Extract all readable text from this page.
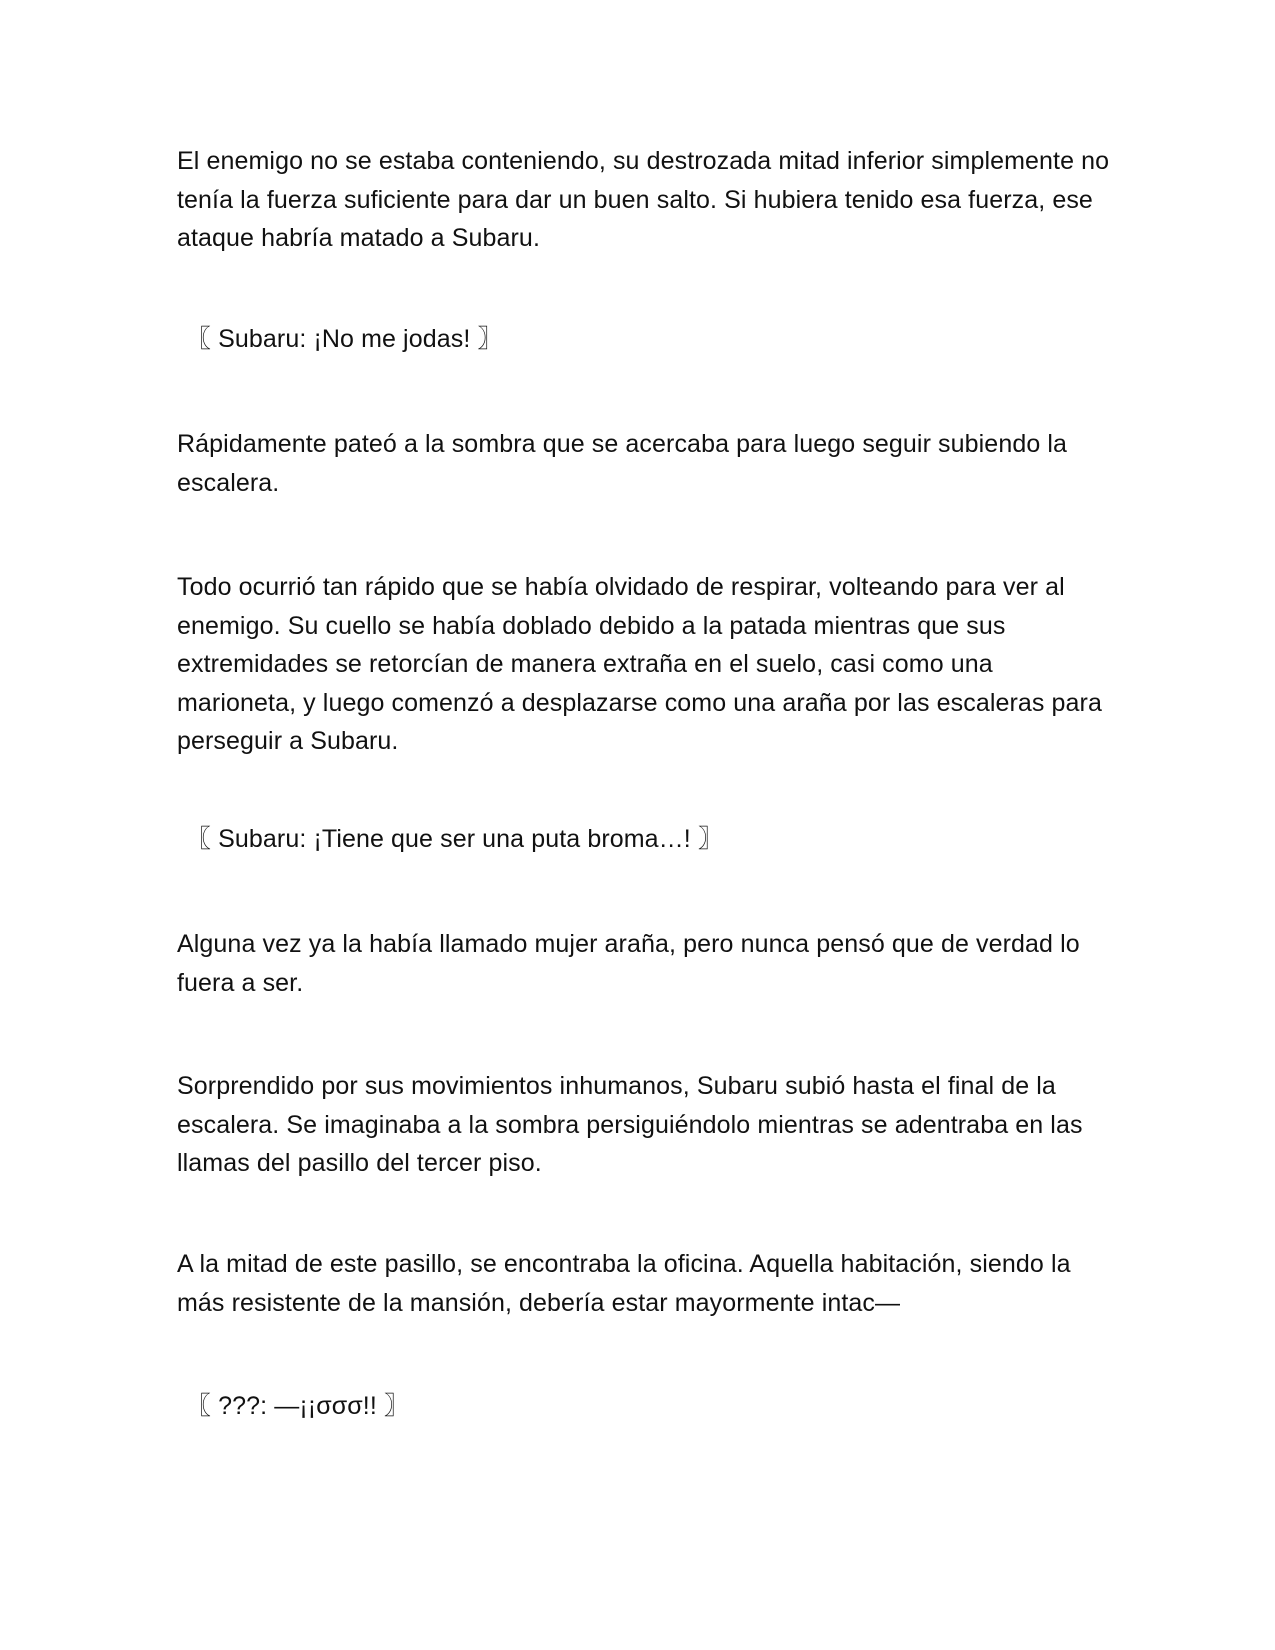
El enemigo no se estaba conteniendo, su destrozada mitad inferior simplemente no tenía la fuerza suficiente para dar un buen salto. Si hubiera tenido esa fuerza, ese ataque habría matado a Subaru.

〖 Subaru: ¡No me jodas! 〗

Rápidamente pateó a la sombra que se acercaba para luego seguir subiendo la escalera.

Todo ocurrió tan rápido que se había olvidado de respirar, volteando para ver al enemigo. Su cuello se había doblado debido a la patada mientras que sus extremidades se retorcían de manera extraña en el suelo, casi como una marioneta, y luego comenzó a desplazarse como una araña por las escaleras para perseguir a Subaru.

〖 Subaru: ¡Tiene que ser una puta broma…! 〗

Alguna vez ya la había llamado mujer araña, pero nunca pensó que de verdad lo fuera a ser.

Sorprendido por sus movimientos inhumanos, Subaru subió hasta el final de la escalera. Se imaginaba a la sombra persiguiéndolo mientras se adentraba en las llamas del pasillo del tercer piso.

A la mitad de este pasillo, se encontraba la oficina. Aquella habitación, siendo la más resistente de la mansión, debería estar mayormente intac—

〖 ???: —¡¡σσσ!! 〗
